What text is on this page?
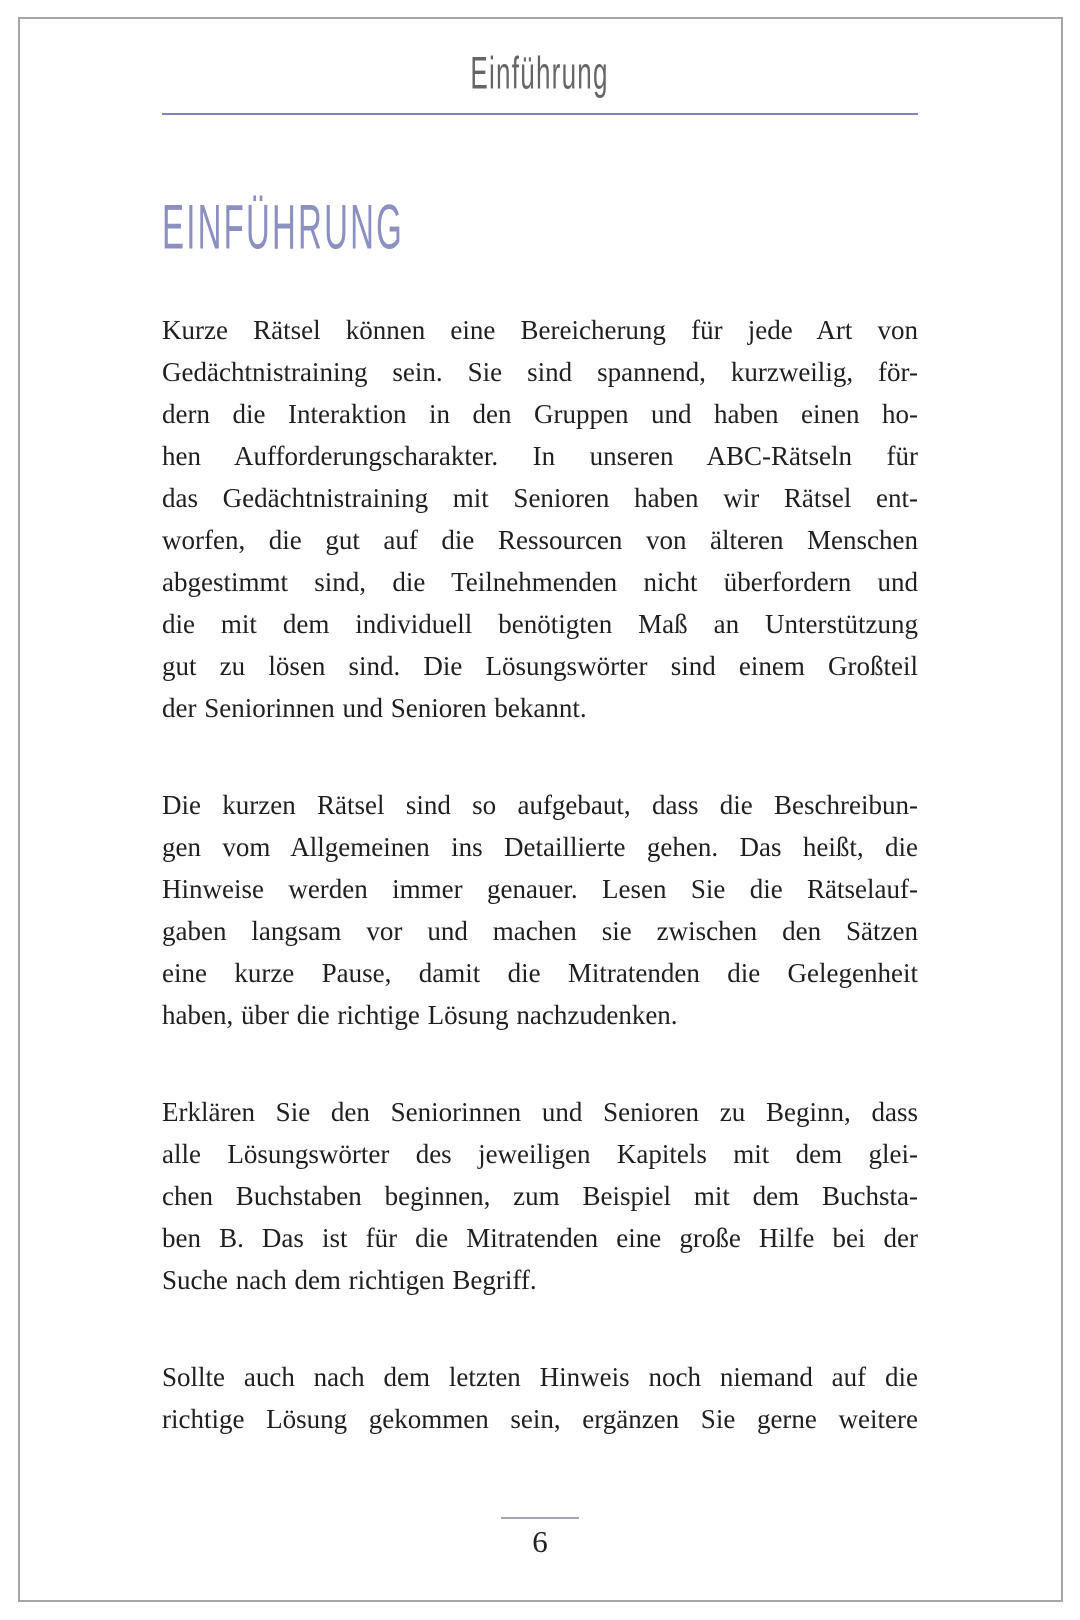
Einführung
EINFÜHRUNG
Kurze Rätsel können eine Bereicherung für jede Art von
Gedächtnistraining sein. Sie sind spannend, kurzweilig, för-
dern die Interaktion in den Gruppen und haben einen ho-
hen Aufforderungscharakter. In unseren ABC-Rätseln für
das Gedächtnistraining mit Senioren haben wir Rätsel ent-
worfen, die gut auf die Ressourcen von älteren Menschen
abgestimmt sind, die Teilnehmenden nicht überfordern und
die mit dem individuell benötigten Maß an Unterstützung
gut zu lösen sind. Die Lösungswörter sind einem Großteil
der Seniorinnen und Senioren bekannt.
Die kurzen Rätsel sind so aufgebaut, dass die Beschreibun-
gen vom Allgemeinen ins Detaillierte gehen. Das heißt, die
Hinweise werden immer genauer. Lesen Sie die Rätselauf-
gaben langsam vor und machen sie zwischen den Sätzen
eine kurze Pause, damit die Mitratenden die Gelegenheit
haben, über die richtige Lösung nachzudenken.
Erklären Sie den Seniorinnen und Senioren zu Beginn, dass
alle Lösungswörter des jeweiligen Kapitels mit dem glei-
chen Buchstaben beginnen, zum Beispiel mit dem Buchsta-
ben B. Das ist für die Mitratenden eine große Hilfe bei der
Suche nach dem richtigen Begriff.
Sollte auch nach dem letzten Hinweis noch niemand auf die
richtige Lösung gekommen sein, ergänzen Sie gerne weitere
6
